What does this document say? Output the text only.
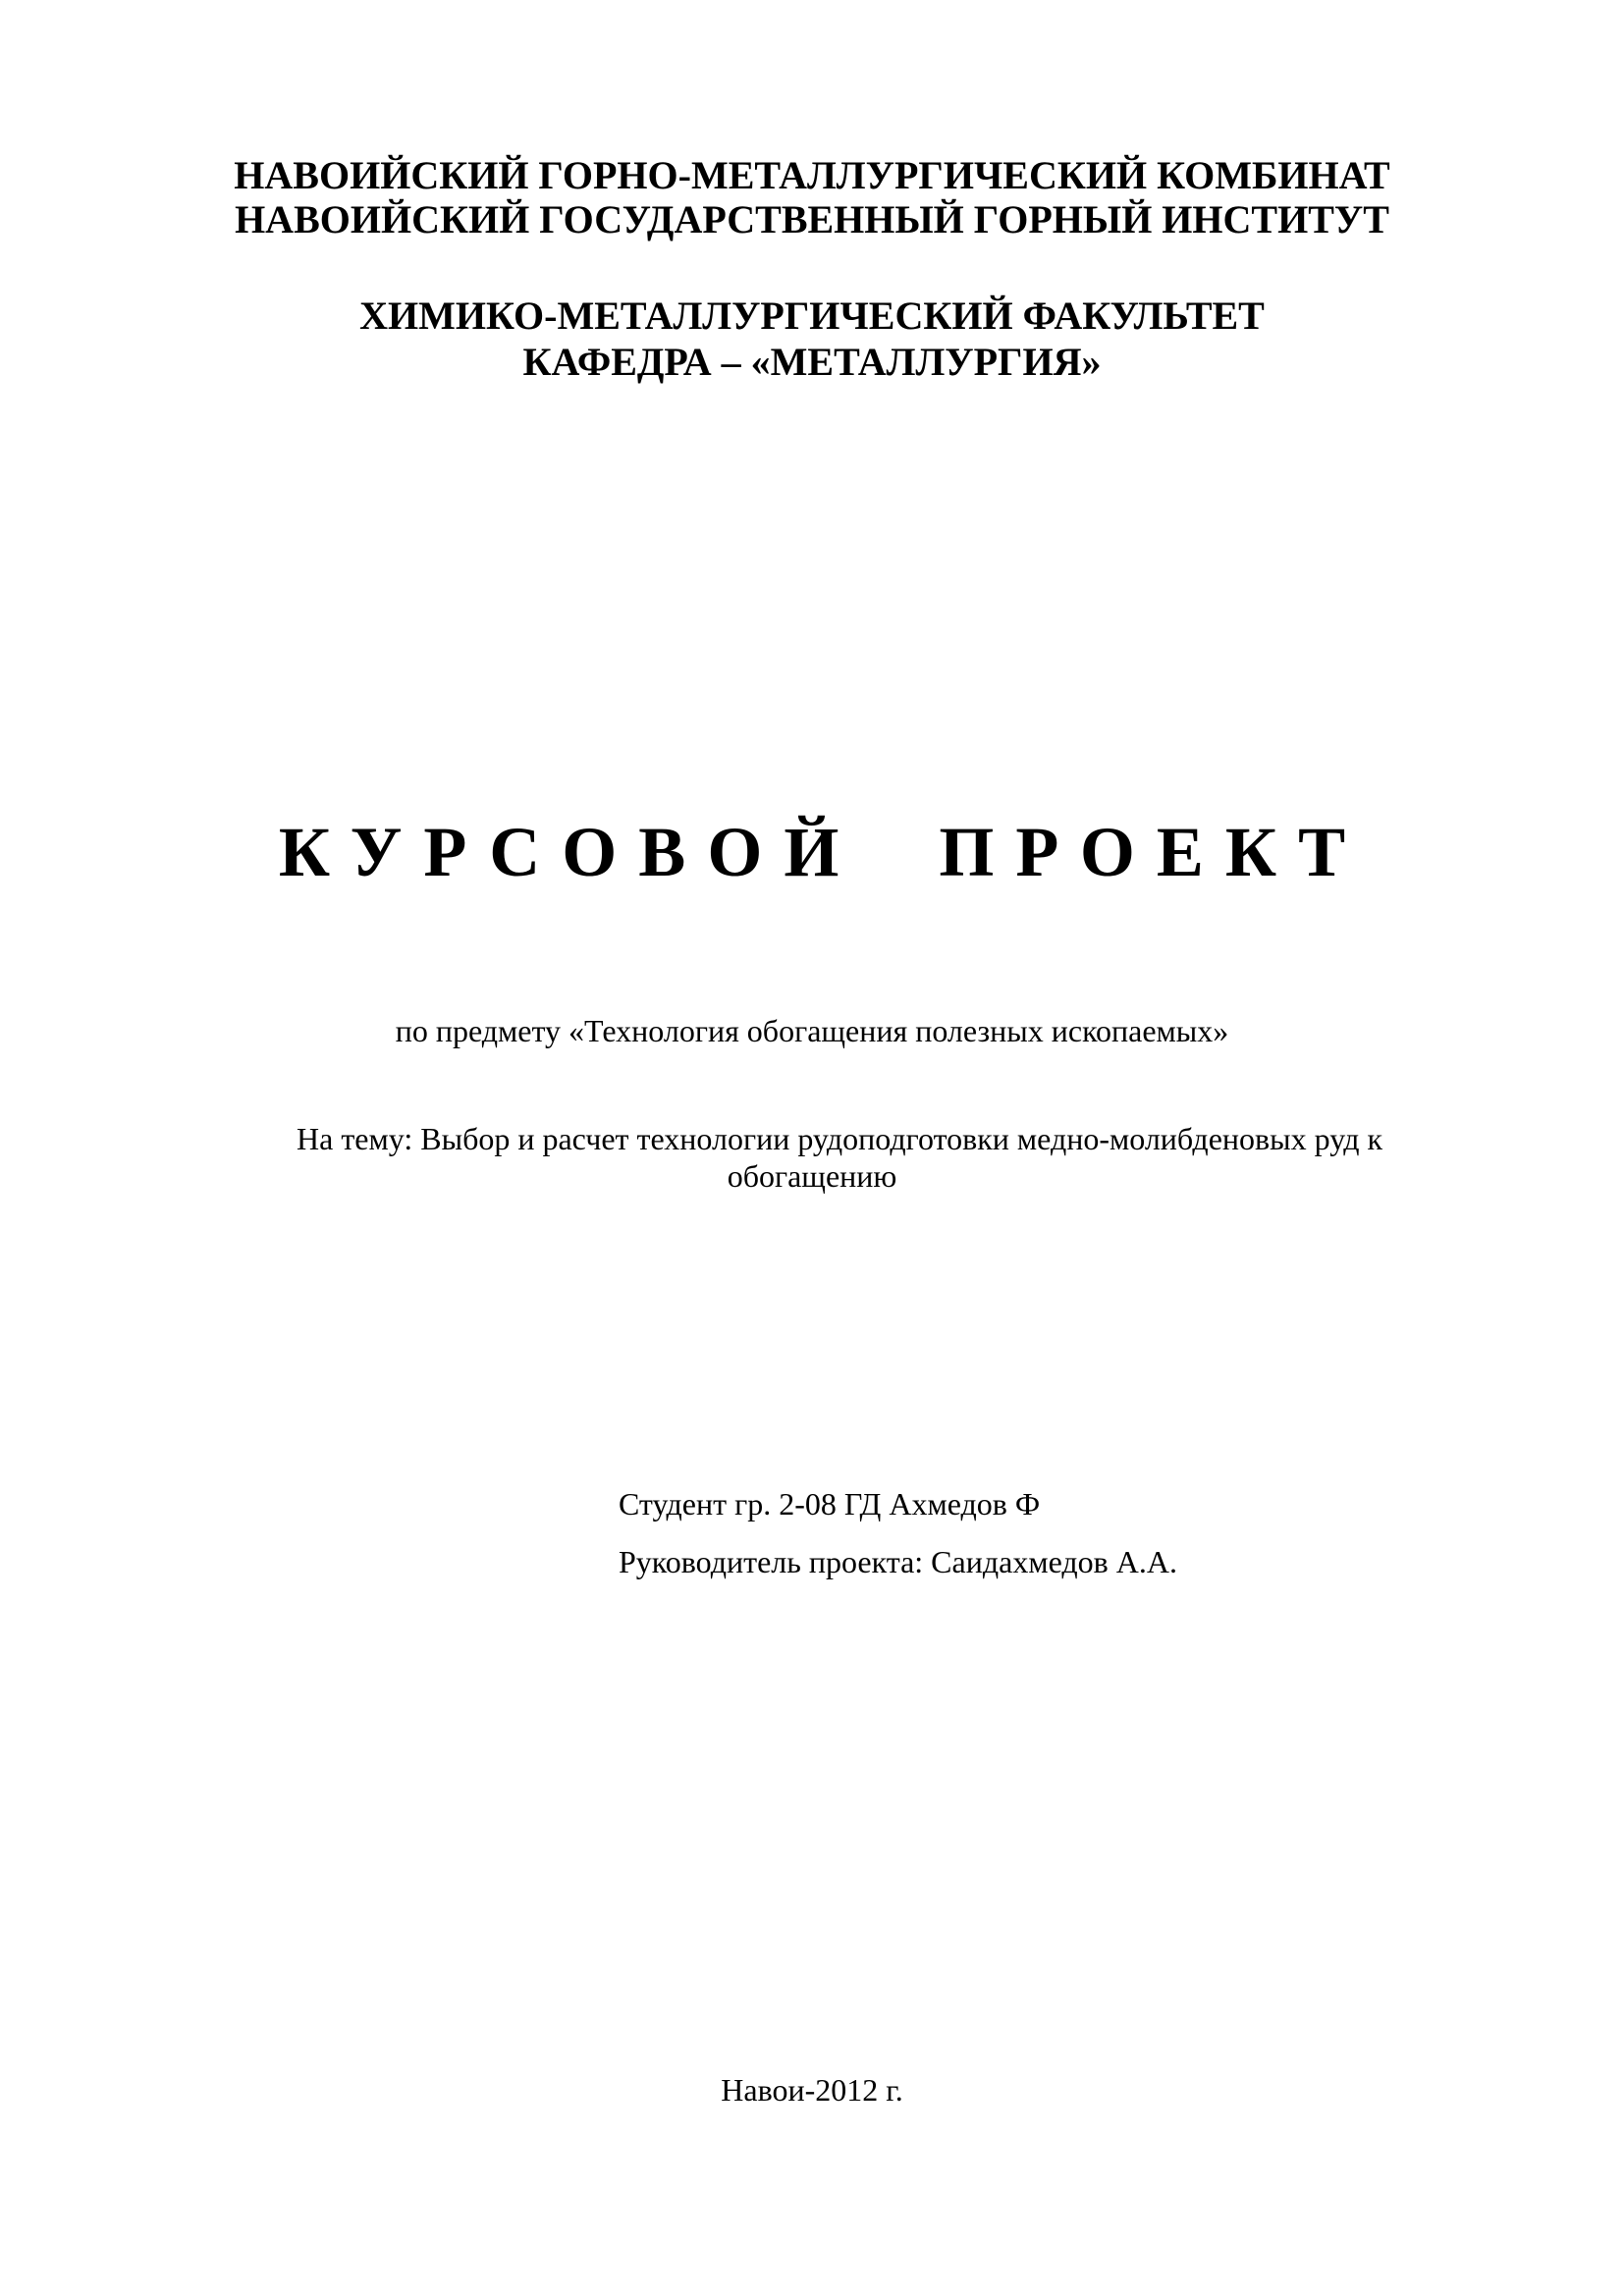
НАВОИЙСКИЙ ГОРНО-МЕТАЛЛУРГИЧЕСКИЙ КОМБИНАТ
НАВОИЙСКИЙ ГОСУДАРСТВЕННЫЙ ГОРНЫЙ ИНСТИТУТ
ХИМИКО-МЕТАЛЛУРГИЧЕСКИЙ ФАКУЛЬТЕТ
КАФЕДРА – «МЕТАЛЛУРГИЯ»
КУРСОВОЙ ПРОЕКТ
по предмету «Технология обогащения полезных ископаемых»
На тему: Выбор и расчет технологии рудоподготовки медно-молибденовых руд к
обогащению
Студент гр. 2-08 ГД Ахмедов Ф
Руководитель проекта: Саидахмедов А.А.
Навои-2012 г.
